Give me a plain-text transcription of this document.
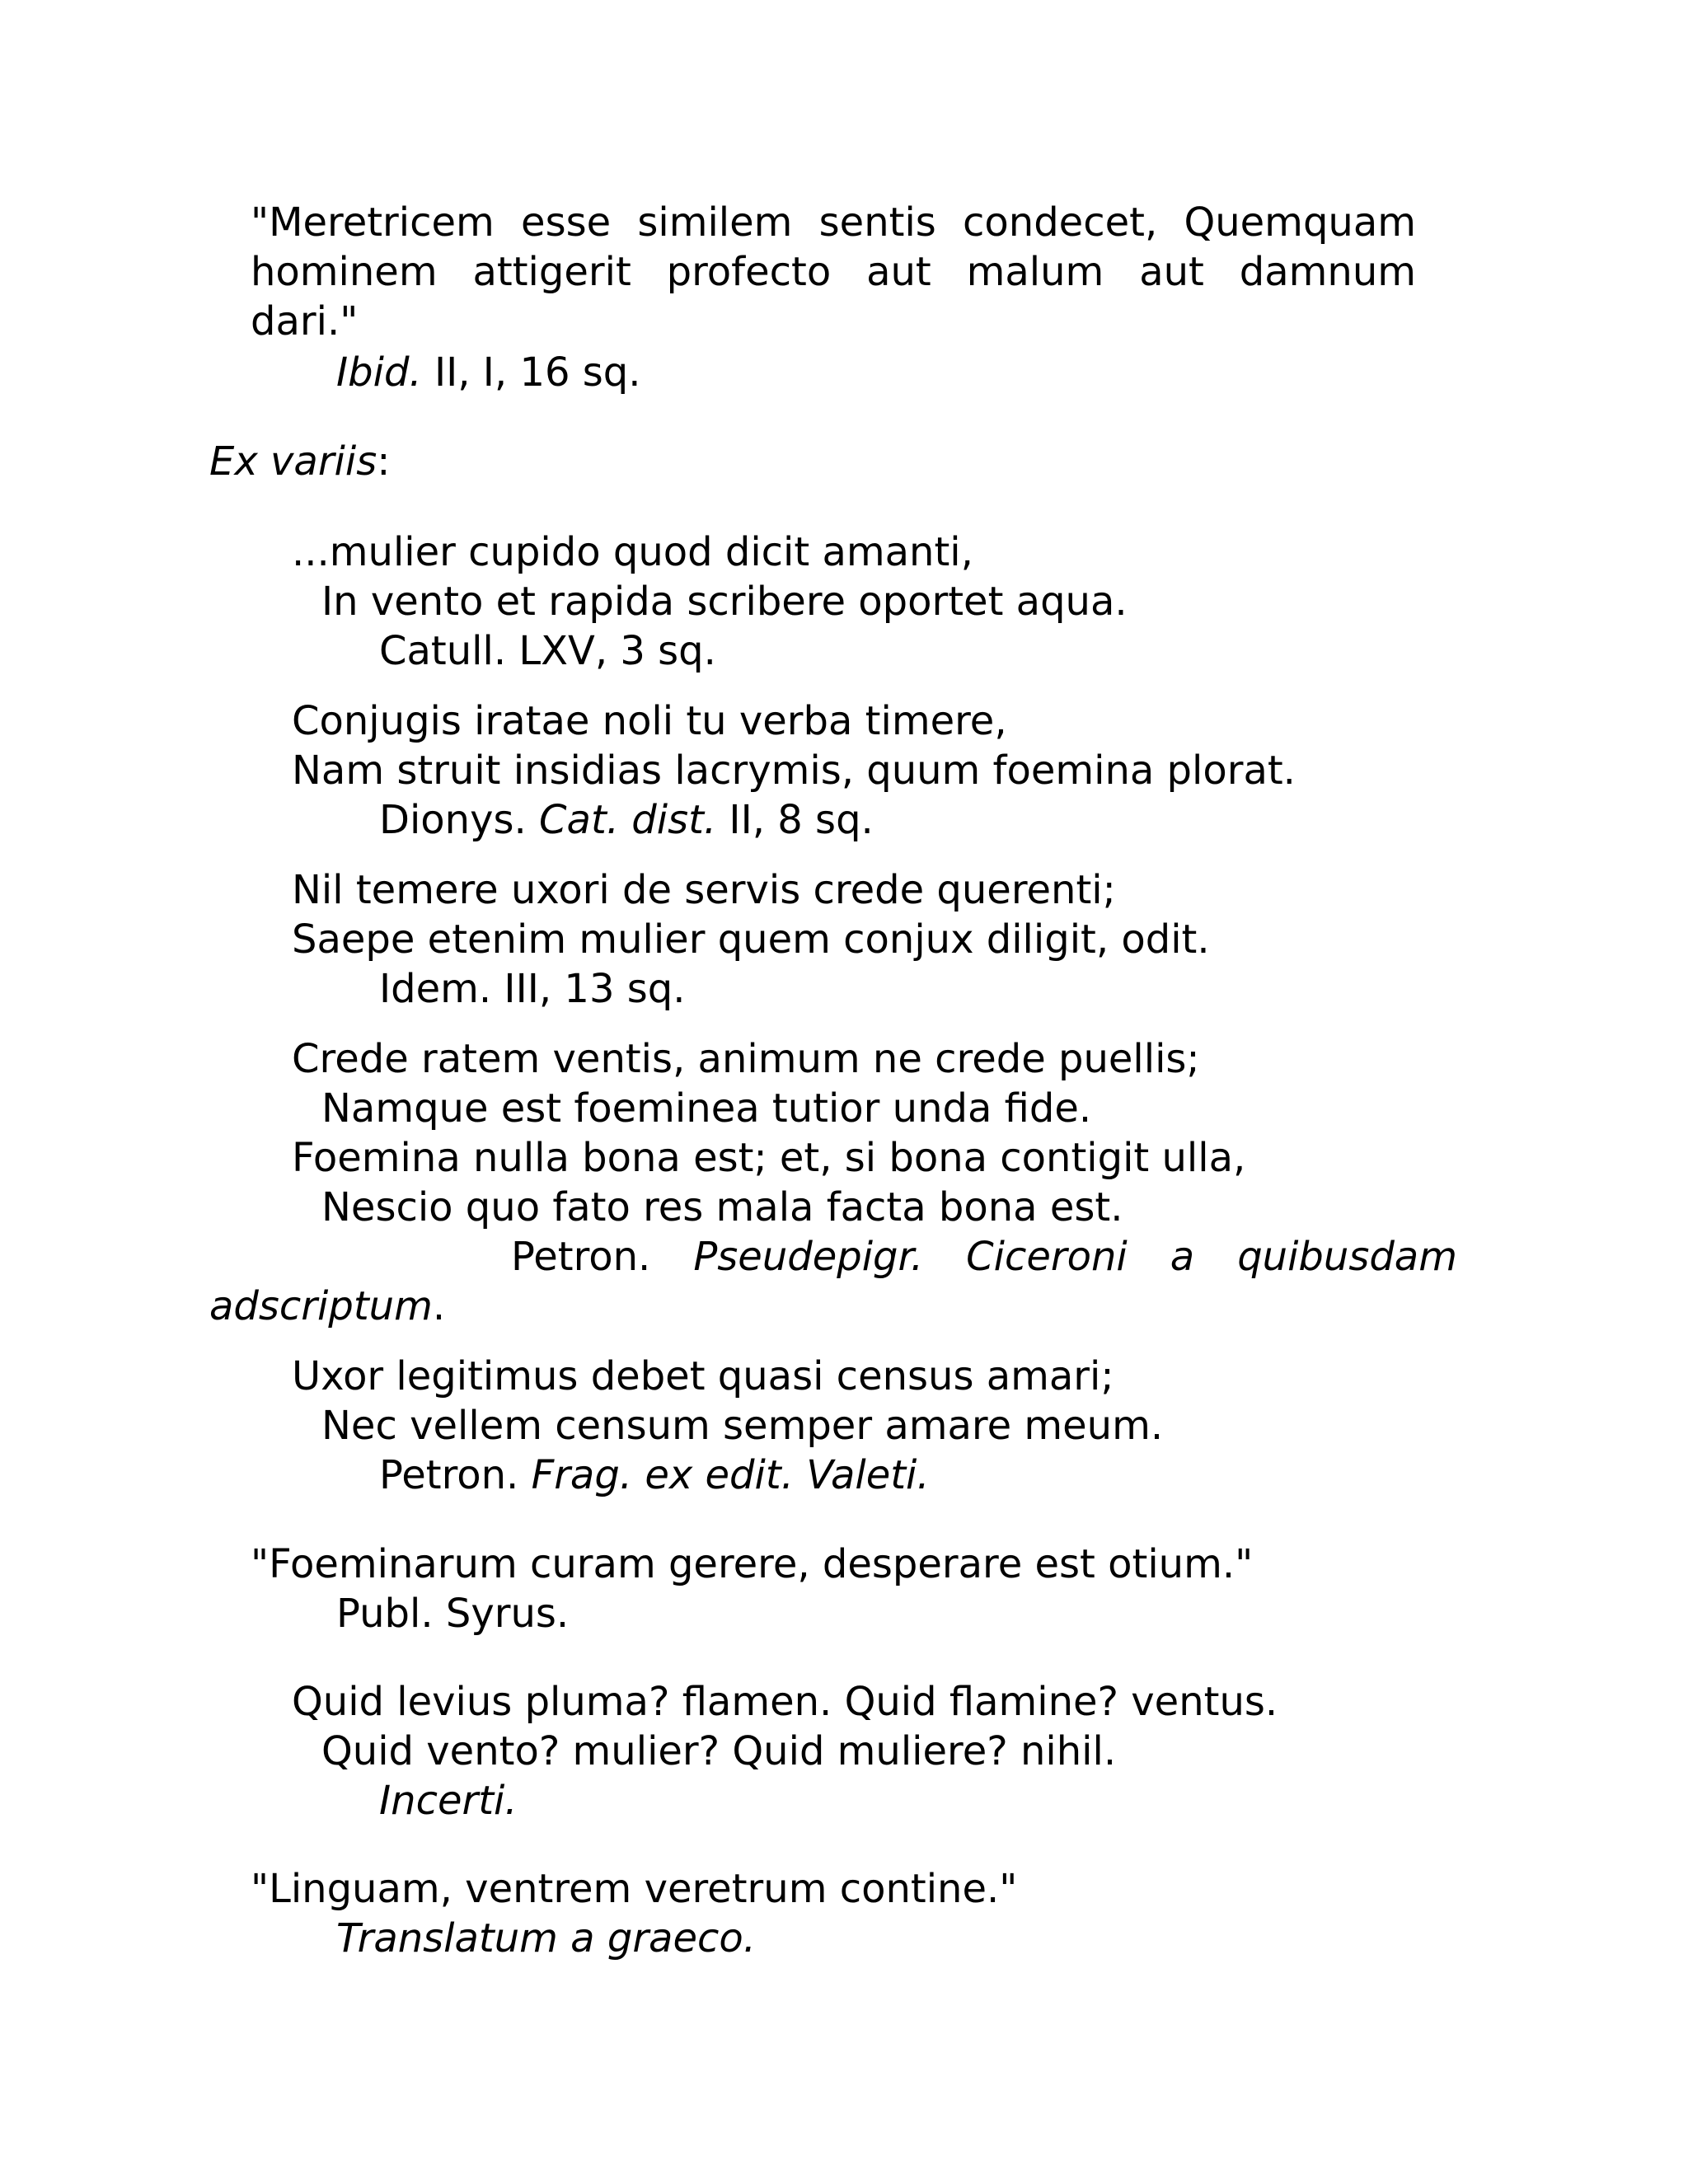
"Meretricem esse similem sentis condecet, Quemquam
hominem attigerit profecto aut malum aut damnum
dari."
Ibid. II, I, 16 sq.
Ex variis:
...mulier cupido quod dicit amanti,
In vento et rapida scribere oportet aqua.
Catull. LXV, 3 sq.
Conjugis iratae noli tu verba timere,
Nam struit insidias lacrymis, quum foemina plorat.
Dionys. Cat. dist. II, 8 sq.
Nil temere uxori de servis crede querenti;
Saepe etenim mulier quem conjux diligit, odit.
Idem. III, 13 sq.
Crede ratem ventis, animum ne crede puellis;
Namque est foeminea tutior unda fide.
Foemina nulla bona est; et, si bona contigit ulla,
Nescio quo fato res mala facta bona est.
Petron. Pseudepigr. Ciceroni a quibusdam
adscriptum.
Uxor legitimus debet quasi census amari;
Nec vellem censum semper amare meum.
Petron. Frag. ex edit. Valeti.
"Foeminarum curam gerere, desperare est otium."
Publ. Syrus.
Quid levius pluma? flamen. Quid flamine? ventus.
Quid vento? mulier? Quid muliere? nihil.
Incerti.
"Linguam, ventrem veretrum contine."
Translatum a graeco.
